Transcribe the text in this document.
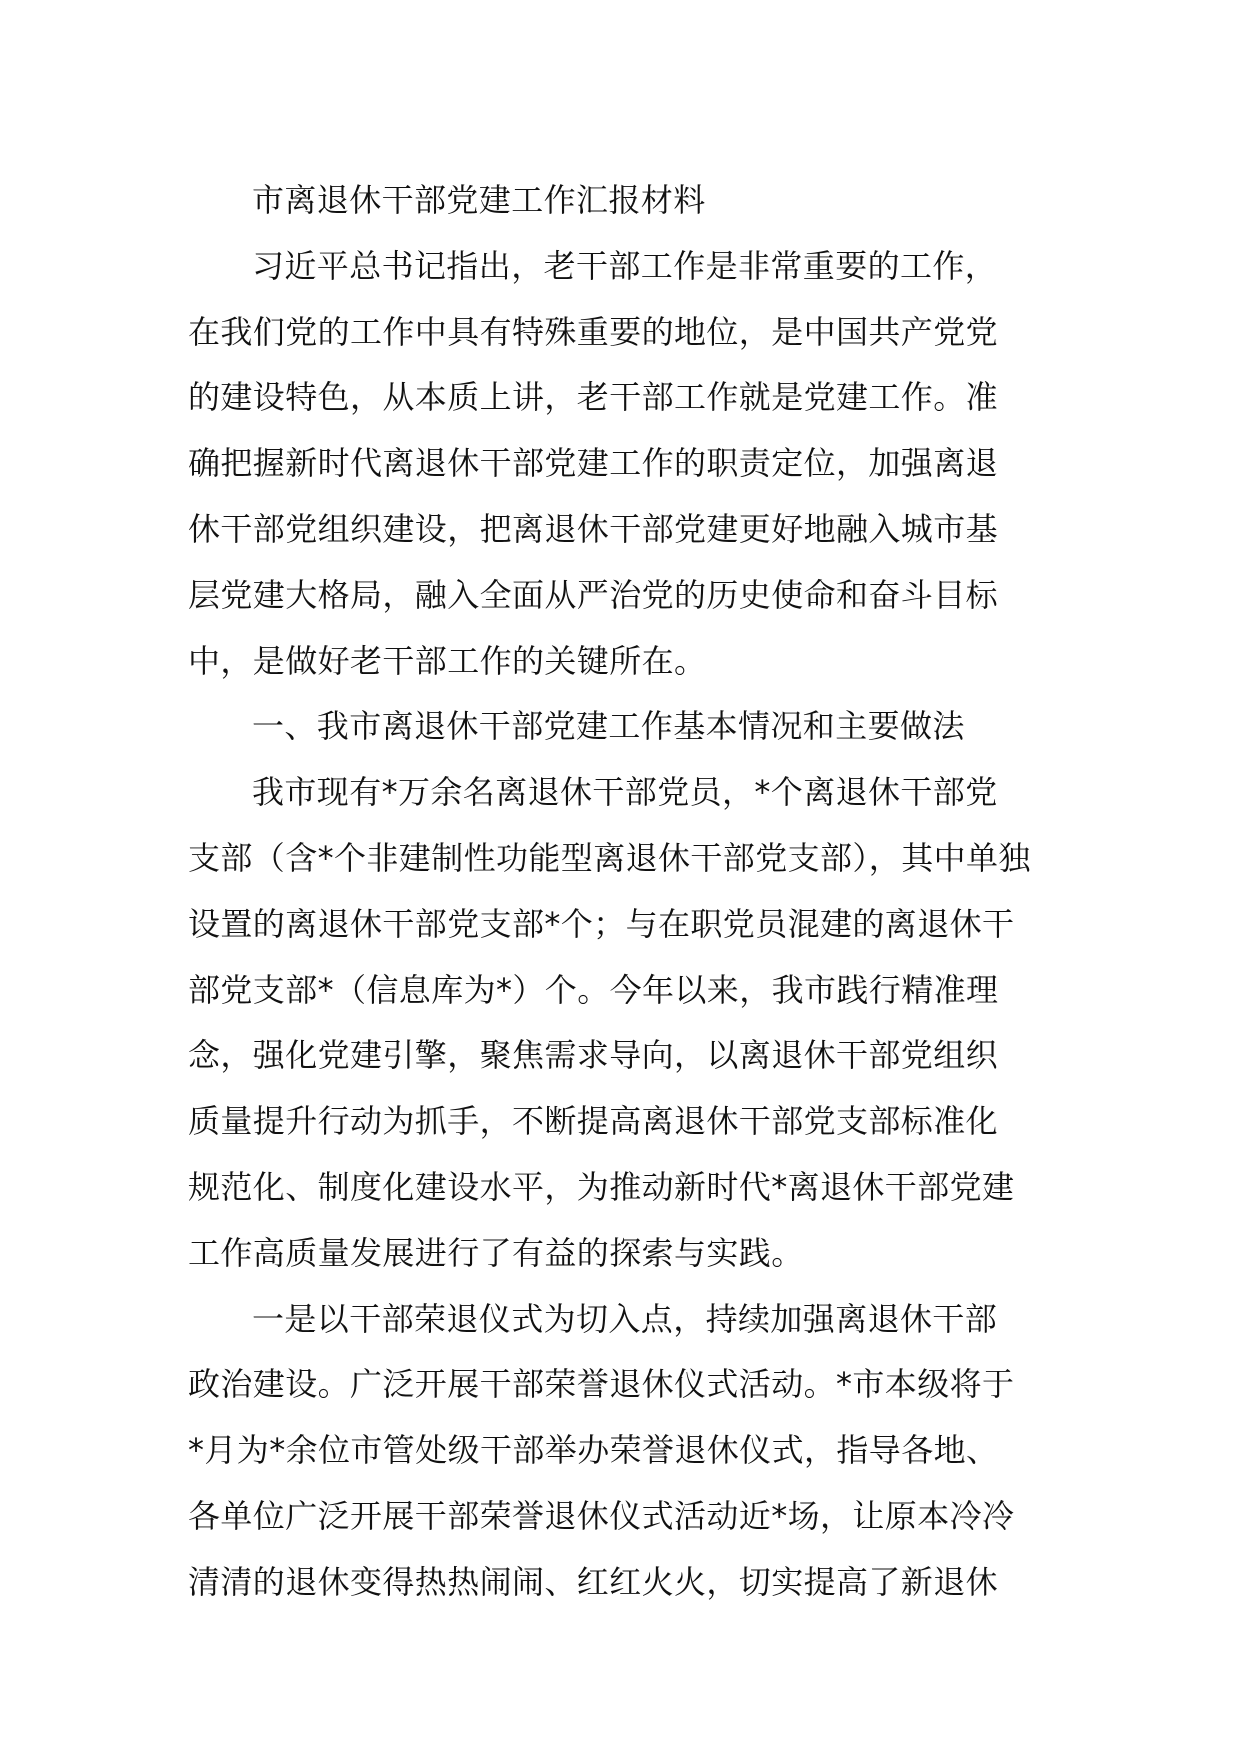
市离退休干部党建工作汇报材料
习近平总书记指出，老干部工作是非常重要的工作，
在我们党的工作中具有特殊重要的地位，是中国共产党党
的建设特色，从本质上讲，老干部工作就是党建工作。准
确把握新时代离退休干部党建工作的职责定位，加强离退
休干部党组织建设，把离退休干部党建更好地融入城市基
层党建大格局，融入全面从严治党的历史使命和奋斗目标
中，是做好老干部工作的关键所在。
一、我市离退休干部党建工作基本情况和主要做法
我市现有*万余名离退休干部党员，*个离退休干部党
支部（含*个非建制性功能型离退休干部党支部），其中单独
设置的离退休干部党支部*个；与在职党员混建的离退休干
部党支部*（信息库为*）个。今年以来，我市践行精准理
念，强化党建引擎，聚焦需求导向，以离退休干部党组织
质量提升行动为抓手，不断提高离退休干部党支部标准化
规范化、制度化建设水平，为推动新时代*离退休干部党建
工作高质量发展进行了有益的探索与实践。
一是以干部荣退仪式为切入点，持续加强离退休干部
政治建设。广泛开展干部荣誉退休仪式活动。*市本级将于
*月为*余位市管处级干部举办荣誉退休仪式，指导各地、
各单位广泛开展干部荣誉退休仪式活动近*场，让原本冷冷
清清的退休变得热热闹闹、红红火火，切实提高了新退休
